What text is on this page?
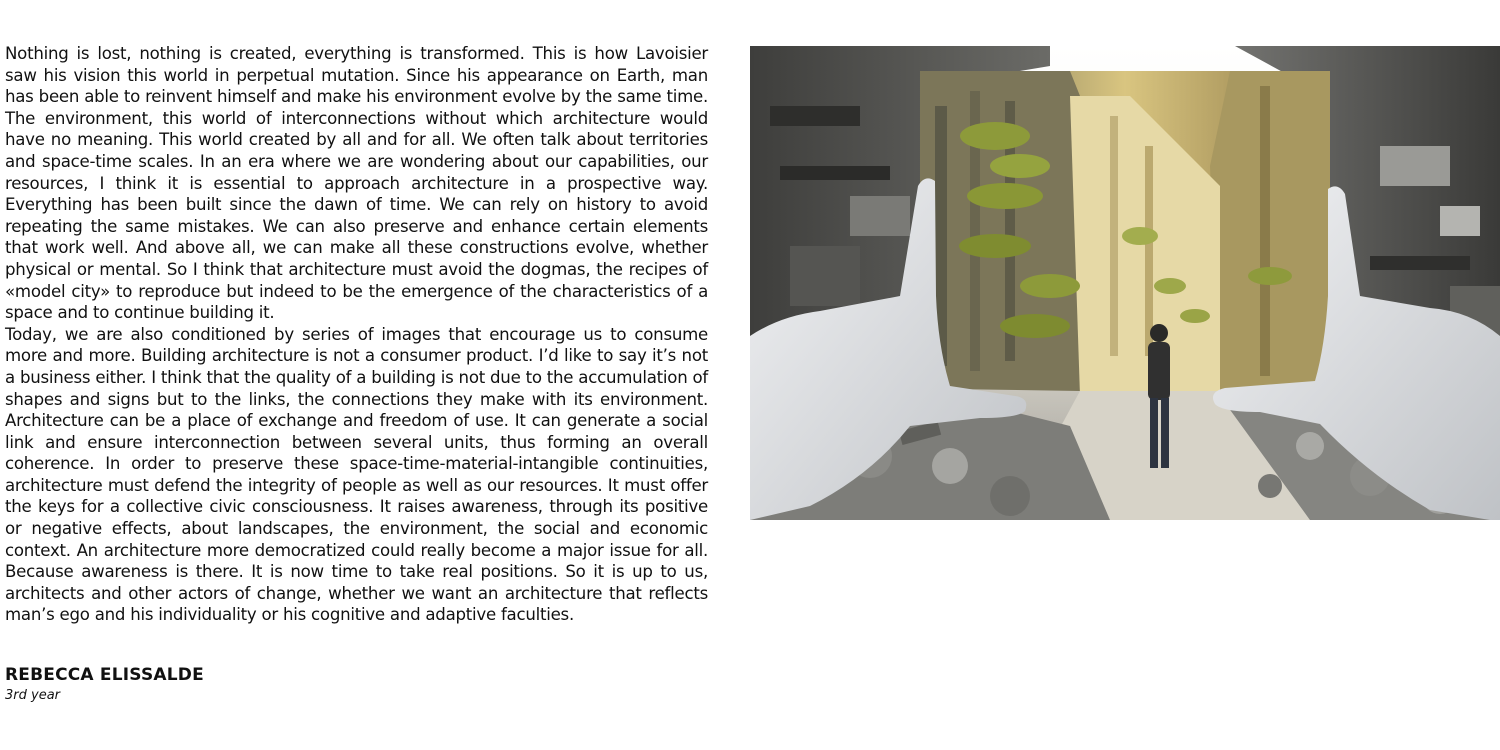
Nothing is lost, nothing is created, everything is transformed. This is how Lavoisier saw his vision this world in perpetual mutation. Since his appearance on Earth, man has been able to reinvent himself and make his environment evolve by the same time. The environment, this world of interconnections without which architecture would have no meaning. This world created by all and for all. We often talk about territories and space-time scales. In an era where we are wondering about our capabilities, our resources, I think it is essential to approach architecture in a prospective way. Everything has been built since the dawn of time. We can rely on history to avoid repeating the same mistakes. We can also preserve and enhance certain elements that work well. And above all, we can make all these constructions evolve, whether physical or mental. So I think that architecture must avoid the dogmas, the recipes of «model city» to reproduce but indeed to be the emergence of the characteristics of a space and to continue building it.

Today, we are also conditioned by series of images that encourage us to consume more and more. Building architecture is not a consumer product. I’d like to say it’s not a business either. I think that the quality of a building is not due to the accumulation of shapes and signs but to the links, the connections they make with its environment. Architecture can be a place of exchange and freedom of use. It can generate a social link and ensure interconnection between several units, thus forming an overall coherence. In order to preserve these space-time-material-intangible continuities, architecture must defend the integrity of people as well as our resources. It must offer the keys for a collective civic consciousness. It raises awareness, through its positive or negative effects, about landscapes, the environment, the social and economic context. An architecture more democratized could really become a major issue for all. Because awareness is there. It is now time to take real positions. So it is up to us, architects and other actors of change, whether we want an architecture that reflects man’s ego and his individuality or his cognitive and adaptive faculties.

REBECCA ELISSALDE
3rd year
